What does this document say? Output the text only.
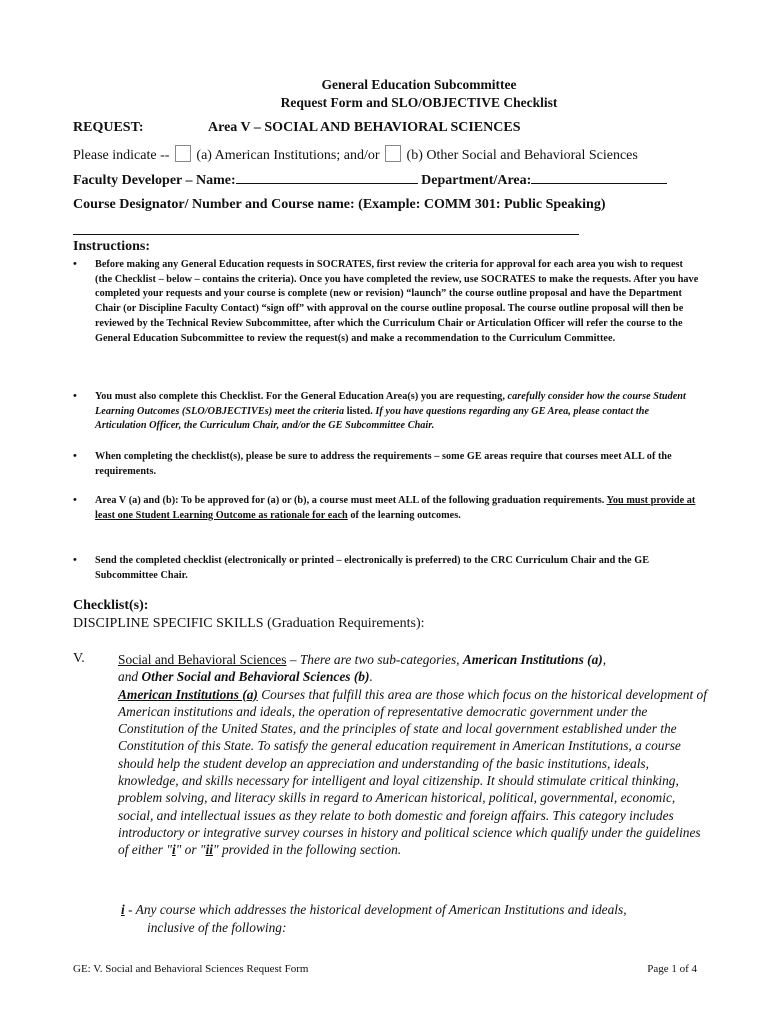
General Education Subcommittee
Request Form and SLO/OBJECTIVE Checklist
REQUEST:	Area V – SOCIAL AND BEHAVIORAL SCIENCES
Please indicate -- (a) American Institutions; and/or (b) Other Social and Behavioral Sciences
Faculty Developer – Name:	Department/Area:
Course Designator/ Number and Course name: (Example: COMM 301: Public Speaking)
Instructions:
• Before making any General Education requests in SOCRATES, first review the criteria for approval for each area you wish to request (the Checklist – below – contains the criteria). Once you have completed the review, use SOCRATES to make the requests. After you have completed your requests and your course is complete (new or revision) “launch” the course outline proposal and have the Department Chair (or Discipline Faculty Contact) “sign off” with approval on the course outline proposal. The course outline proposal will then be reviewed by the Technical Review Subcommittee, after which the Curriculum Chair or Articulation Officer will refer the course to the General Education Subcommittee to review the request(s) and make a recommendation to the Curriculum Committee.
• You must also complete this Checklist. For the General Education Area(s) you are requesting, carefully consider how the course Student Learning Outcomes (SLO/OBJECTIVEs) meet the criteria listed. If you have questions regarding any GE Area, please contact the Articulation Officer, the Curriculum Chair, and/or the GE Subcommittee Chair.
• When completing the checklist(s), please be sure to address the requirements – some GE areas require that courses meet ALL of the requirements.
• Area V (a) and (b): To be approved for (a) or (b), a course must meet ALL of the following graduation requirements. You must provide at least one Student Learning Outcome as rationale for each of the learning outcomes.
• Send the completed checklist (electronically or printed – electronically is preferred) to the CRC Curriculum Chair and the GE Subcommittee Chair.
Checklist(s):
DISCIPLINE SPECIFIC SKILLS (Graduation Requirements):
V. Social and Behavioral Sciences – There are two sub-categories, American Institutions (a),
and Other Social and Behavioral Sciences (b).
American Institutions (a) Courses that fulfill this area are those which focus on the historical development of American institutions and ideals, the operation of representative democratic government under the Constitution of the United States, and the principles of state and local government established under the Constitution of this State. To satisfy the general education requirement in American Institutions, a course should help the student develop an appreciation and understanding of the basic institutions, ideals, knowledge, and skills necessary for intelligent and loyal citizenship. It should stimulate critical thinking, problem solving, and literacy skills in regard to American historical, political, governmental, economic, social, and intellectual issues as they relate to both domestic and foreign affairs. This category includes introductory or integrative survey courses in history and political science which qualify under the guidelines of either "i" or "ii" provided in the following section.
i - Any course which addresses the historical development of American Institutions and ideals,
inclusive of the following:
GE: V. Social and Behavioral Sciences Request Form	Page 1 of 4
